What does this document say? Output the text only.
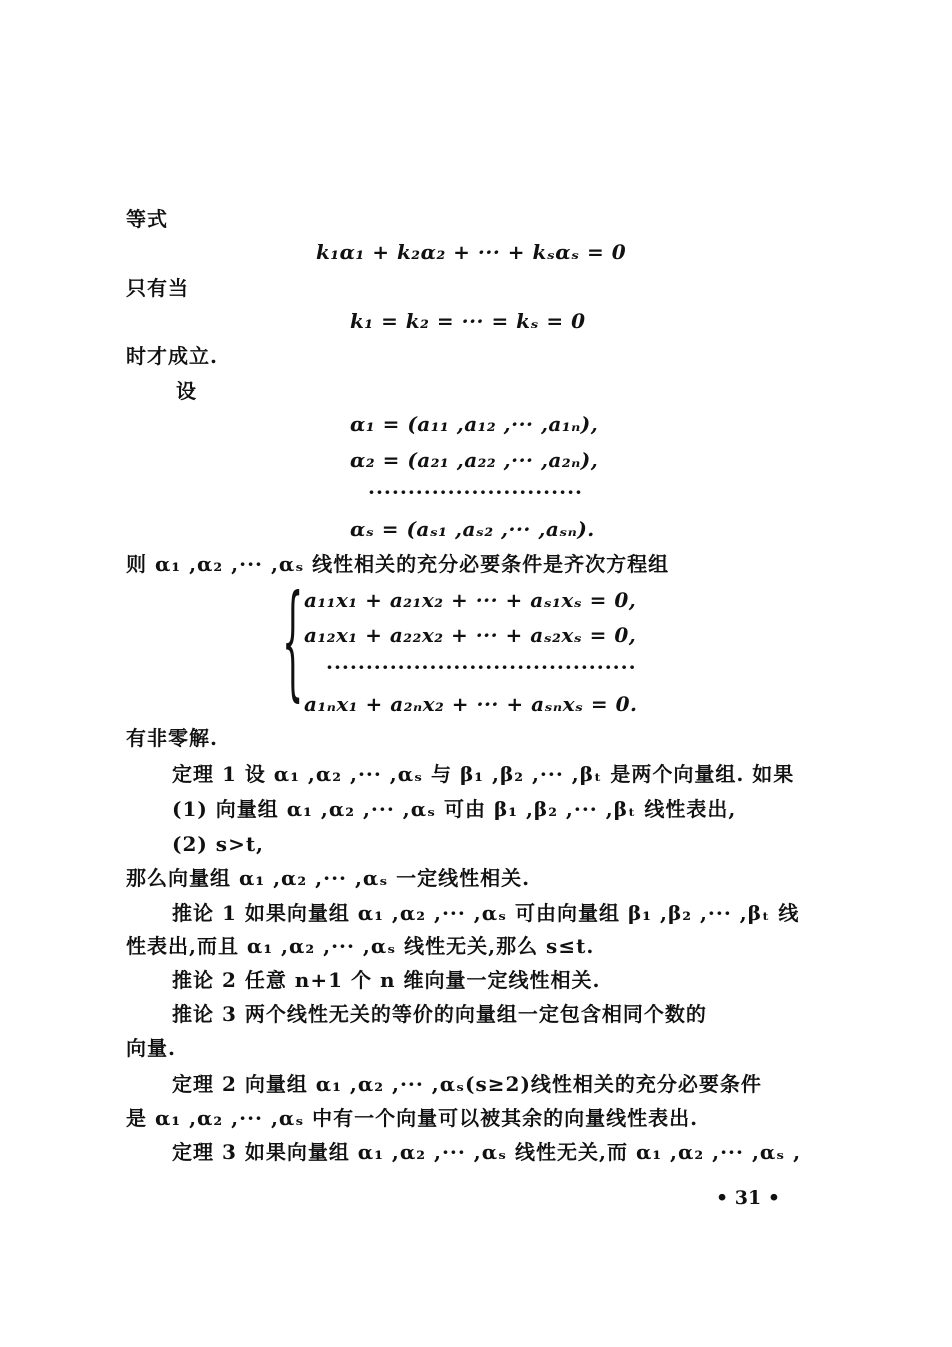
等式
k₁α₁ + k₂α₂ + ··· + kₛαₛ = 0
只有当
k₁ = k₂ = ··· = kₛ = 0
时才成立.
设
α₁ = (a₁₁ ,a₁₂ ,··· ,a₁ₙ),
α₂ = (a₂₁ ,a₂₂ ,··· ,a₂ₙ),
···························
αₛ = (aₛ₁ ,aₛ₂ ,··· ,aₛₙ).
则 α₁ ,α₂ ,··· ,αₛ 线性相关的充分必要条件是齐次方程组
{ a₁₁x₁ + a₂₁x₂ + ··· + aₛ₁xₛ = 0,
a₁₂x₁ + a₂₂x₂ + ··· + aₛ₂xₛ = 0,
·······································
a₁ₙx₁ + a₂ₙx₂ + ··· + aₛₙxₛ = 0.
有非零解.
定理 1 设 α₁ ,α₂ ,··· ,αₛ 与 β₁ ,β₂ ,··· ,βₜ 是两个向量组. 如果
(1) 向量组 α₁ ,α₂ ,··· ,αₛ 可由 β₁ ,β₂ ,··· ,βₜ 线性表出,
(2) s>t,
那么向量组 α₁ ,α₂ ,··· ,αₛ 一定线性相关.
推论 1 如果向量组 α₁ ,α₂ ,··· ,αₛ 可由向量组 β₁ ,β₂ ,··· ,βₜ 线
性表出,而且 α₁ ,α₂ ,··· ,αₛ 线性无关,那么 s≤t.
推论 2 任意 n+1 个 n 维向量一定线性相关.
推论 3 两个线性无关的等价的向量组一定包含相同个数的
向量.
定理 2 向量组 α₁ ,α₂ ,··· ,αₛ(s≥2)线性相关的充分必要条件
是 α₁ ,α₂ ,··· ,αₛ 中有一个向量可以被其余的向量线性表出.
定理 3 如果向量组 α₁ ,α₂ ,··· ,αₛ 线性无关,而 α₁ ,α₂ ,··· ,αₛ ,
• 31 •
